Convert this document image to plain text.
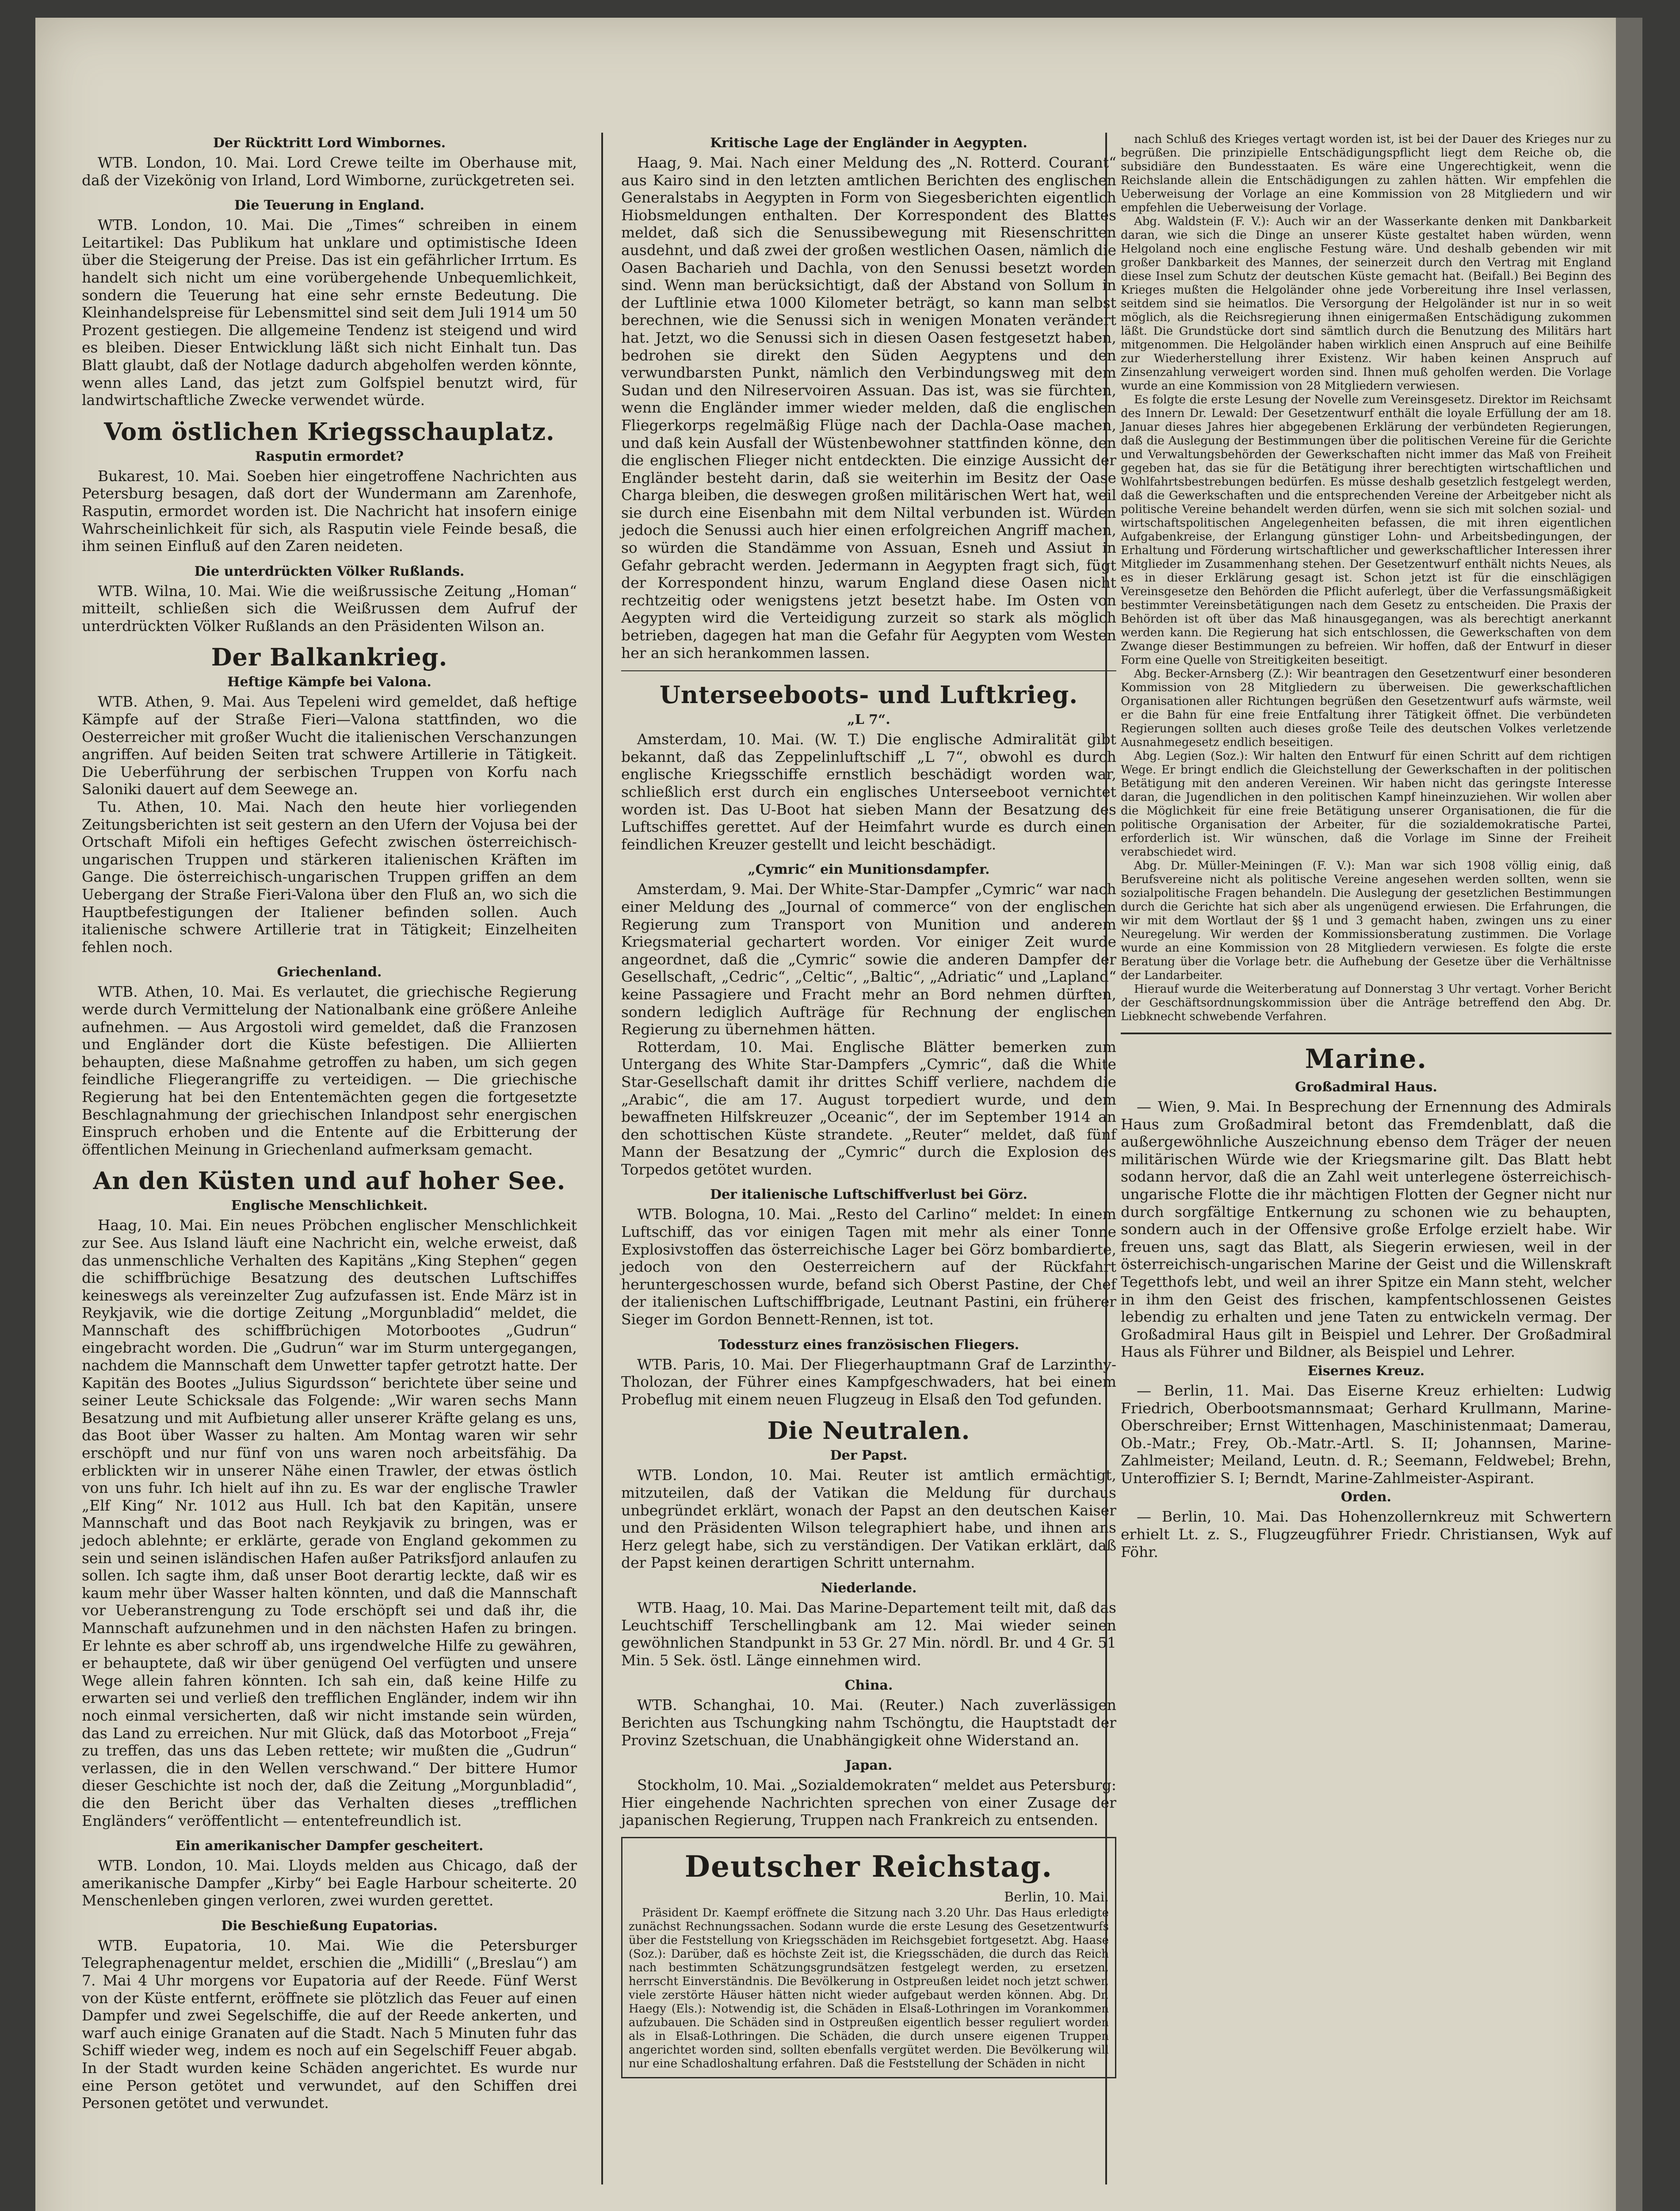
Der Rücktritt Lord Wimbornes.

WTB. London, 10. Mai. Lord Crewe teilte im Oberhause mit, daß der Vizekönig von Irland, Lord Wimborne, zurückgetreten sei.

Die Teuerung in England.

WTB. London, 10. Mai. Die „Times“ schreiben in einem Leitartikel: Das Publikum hat unklare und optimistische Ideen über die Steigerung der Preise. Das ist ein gefährlicher Irrtum. Es handelt sich nicht um eine vorübergehende Unbequemlichkeit, sondern die Teuerung hat eine sehr ernste Bedeutung. Die Kleinhandelspreise für Lebensmittel sind seit dem Juli 1914 um 50 Prozent gestiegen. Die allgemeine Tendenz ist steigend und wird es bleiben. Dieser Entwicklung läßt sich nicht Einhalt tun. Das Blatt glaubt, daß der Notlage dadurch abgeholfen werden könnte, wenn alles Land, das jetzt zum Golfspiel benutzt wird, für landwirtschaftliche Zwecke verwendet würde.

Vom östlichen Kriegsschauplatz.
Rasputin ermordet?

Bukarest, 10. Mai. Soeben hier eingetroffene Nachrichten aus Petersburg besagen, daß dort der Wundermann am Zarenhofe, Rasputin, ermordet worden ist. Die Nachricht hat insofern einige Wahrscheinlichkeit für sich, als Rasputin viele Feinde besaß, die ihm seinen Einfluß auf den Zaren neideten.

Die unterdrückten Völker Rußlands.

WTB. Wilna, 10. Mai. Wie die weißrussische Zeitung „Homan“ mitteilt, schließen sich die Weißrussen dem Aufruf der unterdrückten Völker Rußlands an den Präsidenten Wilson an.

Der Balkankrieg.
Heftige Kämpfe bei Valona.

WTB. Athen, 9. Mai. Aus Tepeleni wird gemeldet, daß heftige Kämpfe auf der Straße Fieri—Valona stattfinden, wo die Oesterreicher mit großer Wucht die italienischen Verschanzungen angriffen. Auf beiden Seiten trat schwere Artillerie in Tätigkeit. Die Ueberführung der serbischen Truppen von Korfu nach Saloniki dauert auf dem Seewege an.

Tu. Athen, 10. Mai. Nach den heute hier vorliegenden Zeitungsberichten ist seit gestern an den Ufern der Vojusa bei der Ortschaft Mifoli ein heftiges Gefecht zwischen österreichisch-ungarischen Truppen und stärkeren italienischen Kräften im Gange. Die österreichisch-ungarischen Truppen griffen an dem Uebergang der Straße Fieri-Valona über den Fluß an, wo sich die Hauptbefestigungen der Italiener befinden sollen. Auch italienische schwere Artillerie trat in Tätigkeit; Einzelheiten fehlen noch.

Griechenland.

WTB. Athen, 10. Mai. Es verlautet, die griechische Regierung werde durch Vermittelung der Nationalbank eine größere Anleihe aufnehmen. — Aus Argostoli wird gemeldet, daß die Franzosen und Engländer dort die Küste befestigen. Die Alliierten behaupten, diese Maßnahme getroffen zu haben, um sich gegen feindliche Fliegerangriffe zu verteidigen. — Die griechische Regierung hat bei den Ententemächten gegen die fortgesetzte Beschlagnahmung der griechischen Inlandpost sehr energischen Einspruch erhoben und die Entente auf die Erbitterung der öffentlichen Meinung in Griechenland aufmerksam gemacht.

An den Küsten und auf hoher See.
Englische Menschlichkeit.

Haag, 10. Mai. Ein neues Pröbchen englischer Menschlichkeit zur See. Aus Island läuft eine Nachricht ein, welche erweist, daß das unmenschliche Verhalten des Kapitäns „King Stephen“ gegen die schiffbrüchige Besatzung des deutschen Luftschiffes keineswegs als vereinzelter Zug aufzufassen ist. Ende März ist in Reykjavik, wie die dortige Zeitung „Morgunbladid“ meldet, die Mannschaft des schiffbrüchigen Motorbootes „Gudrun“ eingebracht worden. Die „Gudrun“ war im Sturm untergegangen, nachdem die Mannschaft dem Unwetter tapfer getrotzt hatte. Der Kapitän des Bootes „Julius Sigurdsson“ berichtete über seine und seiner Leute Schicksale das Folgende: „Wir waren sechs Mann Besatzung und mit Aufbietung aller unserer Kräfte gelang es uns, das Boot über Wasser zu halten. Am Montag waren wir sehr erschöpft und nur fünf von uns waren noch arbeitsfähig. Da erblickten wir in unserer Nähe einen Trawler, der etwas östlich von uns fuhr. Ich hielt auf ihn zu. Es war der englische Trawler „Elf King“ Nr. 1012 aus Hull. Ich bat den Kapitän, unsere Mannschaft und das Boot nach Reykjavik zu bringen, was er jedoch ablehnte; er erklärte, gerade von England gekommen zu sein und seinen isländischen Hafen außer Patriksfjord anlaufen zu sollen. Ich sagte ihm, daß unser Boot derartig leckte, daß wir es kaum mehr über Wasser halten könnten, und daß die Mannschaft vor Ueberanstrengung zu Tode erschöpft sei und daß ihr, die Mannschaft aufzunehmen und in den nächsten Hafen zu bringen. Er lehnte es aber schroff ab, uns irgendwelche Hilfe zu gewähren, er behauptete, daß wir über genügend Oel verfügten und unsere Wege allein fahren könnten. Ich sah ein, daß keine Hilfe zu erwarten sei und verließ den trefflichen Engländer, indem wir ihn noch einmal versicherten, daß wir nicht imstande sein würden, das Land zu erreichen. Nur mit Glück, daß das Motorboot „Freja“ zu treffen, das uns das Leben rettete; wir mußten die „Gudrun“ verlassen, die in den Wellen verschwand.“ Der bittere Humor dieser Geschichte ist noch der, daß die Zeitung „Morgunbladid“, die den Bericht über das Verhalten dieses „trefflichen Engländers“ veröffentlicht — ententefreundlich ist.

Ein amerikanischer Dampfer gescheitert.

WTB. London, 10. Mai. Lloyds melden aus Chicago, daß der amerikanische Dampfer „Kirby“ bei Eagle Harbour scheiterte. 20 Menschenleben gingen verloren, zwei wurden gerettet.

Die Beschießung Eupatorias.

WTB. Eupatoria, 10. Mai. Wie die Petersburger Telegraphenagentur meldet, erschien die „Midilli“ („Breslau“) am 7. Mai 4 Uhr morgens vor Eupatoria auf der Reede. Fünf Werst von der Küste entfernt, eröffnete sie plötzlich das Feuer auf einen Dampfer und zwei Segelschiffe, die auf der Reede ankerten, und warf auch einige Granaten auf die Stadt. Nach 5 Minuten fuhr das Schiff wieder weg, indem es noch auf ein Segelschiff Feuer abgab. In der Stadt wurden keine Schäden angerichtet. Es wurde nur eine Person getötet und verwundet, auf den Schiffen drei Personen getötet und verwundet.

Kritische Lage der Engländer in Aegypten.

Haag, 9. Mai. Nach einer Meldung des „N. Rotterd. Courant“ aus Kairo sind in den letzten amtlichen Berichten des englischen Generalstabs in Aegypten in Form von Siegesberichten eigentlich Hiobsmeldungen enthalten. Der Korrespondent des Blattes meldet, daß sich die Senussibewegung mit Riesenschritten ausdehnt, und daß zwei der großen westlichen Oasen, nämlich die Oasen Bacharieh und Dachla, von den Senussi besetzt worden sind. Wenn man berücksichtigt, daß der Abstand von Sollum in der Luftlinie etwa 1000 Kilometer beträgt, so kann man selbst berechnen, wie die Senussi sich in wenigen Monaten verändert hat. Jetzt, wo die Senussi sich in diesen Oasen festgesetzt haben, bedrohen sie direkt den Süden Aegyptens und den verwundbarsten Punkt, nämlich den Verbindungsweg mit dem Sudan und den Nilreservoiren Assuan. Das ist, was sie fürchten, wenn die Engländer immer wieder melden, daß die englischen Fliegerkorps regelmäßig Flüge nach der Dachla-Oase machen, und daß kein Ausfall der Wüstenbewohner stattfinden könne, den die englischen Flieger nicht entdeckten. Die einzige Aussicht der Engländer besteht darin, daß sie weiterhin im Besitz der Oase Charga bleiben, die deswegen großen militärischen Wert hat, weil sie durch eine Eisenbahn mit dem Niltal verbunden ist. Würden jedoch die Senussi auch hier einen erfolgreichen Angriff machen, so würden die Standämme von Assuan, Esneh und Assiut in Gefahr gebracht werden. Jedermann in Aegypten fragt sich, fügt der Korrespondent hinzu, warum England diese Oasen nicht rechtzeitig oder wenigstens jetzt besetzt habe. Im Osten von Aegypten wird die Verteidigung zurzeit so stark als möglich betrieben, dagegen hat man die Gefahr für Aegypten vom Westen her an sich herankommen lassen.

Unterseeboots- und Luftkrieg.
„L 7“.

Amsterdam, 10. Mai. (W. T.) Die englische Admiralität gibt bekannt, daß das Zeppelinluftschiff „L 7“, obwohl es durch englische Kriegsschiffe ernstlich beschädigt worden war, schließlich erst durch ein englisches Unterseeboot vernichtet worden ist. Das U-Boot hat sieben Mann der Besatzung des Luftschiffes gerettet. Auf der Heimfahrt wurde es durch einen feindlichen Kreuzer gestellt und leicht beschädigt.

„Cymric“ ein Munitionsdampfer.

Amsterdam, 9. Mai. Der White-Star-Dampfer „Cymric“ war nach einer Meldung des „Journal of commerce“ von der englischen Regierung zum Transport von Munition und anderem Kriegsmaterial gechartert worden. Vor einiger Zeit wurde angeordnet, daß die „Cymric“ sowie die anderen Dampfer der Gesellschaft, „Cedric“, „Celtic“, „Baltic“, „Adriatic“ und „Lapland“ keine Passagiere und Fracht mehr an Bord nehmen dürften, sondern lediglich Aufträge für Rechnung der englischen Regierung zu übernehmen hätten.

Rotterdam, 10. Mai. Englische Blätter bemerken zum Untergang des White Star-Dampfers „Cymric“, daß die White Star-Gesellschaft damit ihr drittes Schiff verliere, nachdem die „Arabic“, die am 17. August torpediert wurde, und dem bewaffneten Hilfskreuzer „Oceanic“, der im September 1914 an den schottischen Küste strandete. „Reuter“ meldet, daß fünf Mann der Besatzung der „Cymric“ durch die Explosion des Torpedos getötet wurden.

Der italienische Luftschiffverlust bei Görz.

WTB. Bologna, 10. Mai. „Resto del Carlino“ meldet: In einem Luftschiff, das vor einigen Tagen mit mehr als einer Tonne Explosivstoffen das österreichische Lager bei Görz bombardierte, jedoch von den Oesterreichern auf der Rückfahrt heruntergeschossen wurde, befand sich Oberst Pastine, der Chef der italienischen Luftschiffbrigade, Leutnant Pastini, ein früherer Sieger im Gordon Bennett-Rennen, ist tot.

Todessturz eines französischen Fliegers.

WTB. Paris, 10. Mai. Der Fliegerhauptmann Graf de Larzinthy-Tholozan, der Führer eines Kampfgeschwaders, hat bei einem Probeflug mit einem neuen Flugzeug in Elsaß den Tod gefunden.

Die Neutralen.
Der Papst.

WTB. London, 10. Mai. Reuter ist amtlich ermächtigt, mitzuteilen, daß der Vatikan die Meldung für durchaus unbegründet erklärt, wonach der Papst an den deutschen Kaiser und den Präsidenten Wilson telegraphiert habe, und ihnen ans Herz gelegt habe, sich zu verständigen. Der Vatikan erklärt, daß der Papst keinen derartigen Schritt unternahm.

Niederlande.

WTB. Haag, 10. Mai. Das Marine-Departement teilt mit, daß das Leuchtschiff Terschellingbank am 12. Mai wieder seinen gewöhnlichen Standpunkt in 53 Gr. 27 Min. nördl. Br. und 4 Gr. 51 Min. 5 Sek. östl. Länge einnehmen wird.

China.

WTB. Schanghai, 10. Mai. (Reuter.) Nach zuverlässigen Berichten aus Tschungking nahm Tschöngtu, die Hauptstadt der Provinz Szetschuan, die Unabhängigkeit ohne Widerstand an.

Japan.

Stockholm, 10. Mai. „Sozialdemokraten“ meldet aus Petersburg: Hier eingehende Nachrichten sprechen von einer Zusage der japanischen Regierung, Truppen nach Frankreich zu entsenden.

Deutscher Reichstag.
Berlin, 10. Mai.

Präsident Dr. Kaempf eröffnete die Sitzung nach 3.20 Uhr. Das Haus erledigte zunächst Rechnungssachen. Sodann wurde die erste Lesung des Gesetzentwurfs über die Feststellung von Kriegsschäden im Reichsgebiet fortgesetzt. Abg. Haase (Soz.): Darüber, daß es höchste Zeit ist, die Kriegsschäden, die durch das Reich nach bestimmten Schätzungsgrundsätzen festgelegt werden, zu ersetzen, herrscht Einverständnis. Die Bevölkerung in Ostpreußen leidet noch jetzt schwer, viele zerstörte Häuser hätten nicht wieder aufgebaut werden können. Abg. Dr. Haegy (Els.): Notwendig ist, die Schäden in Elsaß-Lothringen im Vorankommen aufzubauen. Die Schäden sind in Ostpreußen eigentlich besser reguliert worden als in Elsaß-Lothringen. Die Schäden, die durch unsere eigenen Truppen angerichtet worden sind, sollten ebenfalls vergütet werden. Die Bevölkerung will nur eine Schadloshaltung erfahren. Daß die Feststellung der Schäden in nicht

nach Schluß des Krieges vertagt worden ist, ist bei der Dauer des Krieges nur zu begrüßen. Die prinzipielle Entschädigungspflicht liegt dem Reiche ob, die subsidiäre den Bundesstaaten. Es wäre eine Ungerechtigkeit, wenn die Reichslande allein die Entschädigungen zu zahlen hätten. Wir empfehlen die Ueberweisung der Vorlage an eine Kommission von 28 Mitgliedern und wir empfehlen die Ueberweisung der Vorlage.

Abg. Waldstein (F. V.): Auch wir an der Wasserkante denken mit Dankbarkeit daran, wie sich die Dinge an unserer Küste gestaltet haben würden, wenn Helgoland noch eine englische Festung wäre. Und deshalb gebenden wir mit großer Dankbarkeit des Mannes, der seinerzeit durch den Vertrag mit England diese Insel zum Schutz der deutschen Küste gemacht hat. (Beifall.) Bei Beginn des Krieges mußten die Helgoländer ohne jede Vorbereitung ihre Insel verlassen, seitdem sind sie heimatlos. Die Versorgung der Helgoländer ist nur in so weit möglich, als die Reichsregierung ihnen einigermaßen Entschädigung zukommen läßt. Die Grundstücke dort sind sämtlich durch die Benutzung des Militärs hart mitgenommen. Die Helgoländer haben wirklich einen Anspruch auf eine Beihilfe zur Wiederherstellung ihrer Existenz. Wir haben keinen Anspruch auf Zinsenzahlung verweigert worden sind. Ihnen muß geholfen werden. Die Vorlage wurde an eine Kommission von 28 Mitgliedern verwiesen.

Es folgte die erste Lesung der Novelle zum Vereinsgesetz. Direktor im Reichsamt des Innern Dr. Lewald: Der Gesetzentwurf enthält die loyale Erfüllung der am 18. Januar dieses Jahres hier abgegebenen Erklärung der verbündeten Regierungen, daß die Auslegung der Bestimmungen über die politischen Vereine für die Gerichte und Verwaltungsbehörden der Gewerkschaften nicht immer das Maß von Freiheit gegeben hat, das sie für die Betätigung ihrer berechtigten wirtschaftlichen und Wohlfahrtsbestrebungen bedürfen. Es müsse deshalb gesetzlich festgelegt werden, daß die Gewerkschaften und die entsprechenden Vereine der Arbeitgeber nicht als politische Vereine behandelt werden dürfen, wenn sie sich mit solchen sozial- und wirtschaftspolitischen Angelegenheiten befassen, die mit ihren eigentlichen Aufgabenkreise, der Erlangung günstiger Lohn- und Arbeitsbedingungen, der Erhaltung und Förderung wirtschaftlicher und gewerkschaftlicher Interessen ihrer Mitglieder im Zusammenhang stehen. Der Gesetzentwurf enthält nichts Neues, als es in dieser Erklärung gesagt ist. Schon jetzt ist für die einschlägigen Vereinsgesetze den Behörden die Pflicht auferlegt, über die Verfassungsmäßigkeit bestimmter Vereinsbetätigungen nach dem Gesetz zu entscheiden. Die Praxis der Behörden ist oft über das Maß hinausgegangen, was als berechtigt anerkannt werden kann. Die Regierung hat sich entschlossen, die Gewerkschaften von dem Zwange dieser Bestimmungen zu befreien. Wir hoffen, daß der Entwurf in dieser Form eine Quelle von Streitigkeiten beseitigt.

Abg. Becker-Arnsberg (Z.): Wir beantragen den Gesetzentwurf einer besonderen Kommission von 28 Mitgliedern zu überweisen. Die gewerkschaftlichen Organisationen aller Richtungen begrüßen den Gesetzentwurf aufs wärmste, weil er die Bahn für eine freie Entfaltung ihrer Tätigkeit öffnet. Die verbündeten Regierungen sollten auch dieses große Teile des deutschen Volkes verletzende Ausnahmegesetz endlich beseitigen.

Abg. Legien (Soz.): Wir halten den Entwurf für einen Schritt auf dem richtigen Wege. Er bringt endlich die Gleichstellung der Gewerkschaften in der politischen Betätigung mit den anderen Vereinen. Wir haben nicht das geringste Interesse daran, die Jugendlichen in den politischen Kampf hineinzuziehen. Wir wollen aber die Möglichkeit für eine freie Betätigung unserer Organisationen, die für die politische Organisation der Arbeiter, für die sozialdemokratische Partei, erforderlich ist. Wir wünschen, daß die Vorlage im Sinne der Freiheit verabschiedet wird.

Abg. Dr. Müller-Meiningen (F. V.): Man war sich 1908 völlig einig, daß Berufsvereine nicht als politische Vereine angesehen werden sollten, wenn sie sozialpolitische Fragen behandeln. Die Auslegung der gesetzlichen Bestimmungen durch die Gerichte hat sich aber als ungenügend erwiesen. Die Erfahrungen, die wir mit dem Wortlaut der §§ 1 und 3 gemacht haben, zwingen uns zu einer Neuregelung. Wir werden der Kommissionsberatung zustimmen. Die Vorlage wurde an eine Kommission von 28 Mitgliedern verwiesen. Es folgte die erste Beratung über die Vorlage betr. die Aufhebung der Gesetze über die Verhältnisse der Landarbeiter.

Hierauf wurde die Weiterberatung auf Donnerstag 3 Uhr vertagt. Vorher Bericht der Geschäftsordnungskommission über die Anträge betreffend den Abg. Dr. Liebknecht schwebende Verfahren.

Marine.
Großadmiral Haus.

— Wien, 9. Mai. In Besprechung der Ernennung des Admirals Haus zum Großadmiral betont das Fremdenblatt, daß die außergewöhnliche Auszeichnung ebenso dem Träger der neuen militärischen Würde wie der Kriegsmarine gilt. Das Blatt hebt sodann hervor, daß die an Zahl weit unterlegene österreichisch-ungarische Flotte die ihr mächtigen Flotten der Gegner nicht nur durch sorgfältige Entkernung zu schonen wie zu behaupten, sondern auch in der Offensive große Erfolge erzielt habe. Wir freuen uns, sagt das Blatt, als Siegerin erwiesen, weil in der österreichisch-ungarischen Marine der Geist und die Willenskraft Tegetthofs lebt, und weil an ihrer Spitze ein Mann steht, welcher in ihm den Geist des frischen, kampfentschlossenen Geistes lebendig zu erhalten und jene Taten zu entwickeln vermag. Der Großadmiral Haus gilt in Beispiel und Lehrer. Der Großadmiral Haus als Führer und Bildner, als Beispiel und Lehrer.

Eisernes Kreuz.

— Berlin, 11. Mai. Das Eiserne Kreuz erhielten: Ludwig Friedrich, Oberbootsmannsmaat; Gerhard Krullmann, Marine-Oberschreiber; Ernst Wittenhagen, Maschinistenmaat; Damerau, Ob.-Matr.; Frey, Ob.-Matr.-Artl. S. II; Johannsen, Marine-Zahlmeister; Meiland, Leutn. d. R.; Seemann, Feldwebel; Brehn, Unteroffizier S. I; Berndt, Marine-Zahlmeister-Aspirant.

Orden.

— Berlin, 10. Mai. Das Hohenzollernkreuz mit Schwertern erhielt Lt. z. S., Flugzeugführer Friedr. Christiansen, Wyk auf Föhr.
